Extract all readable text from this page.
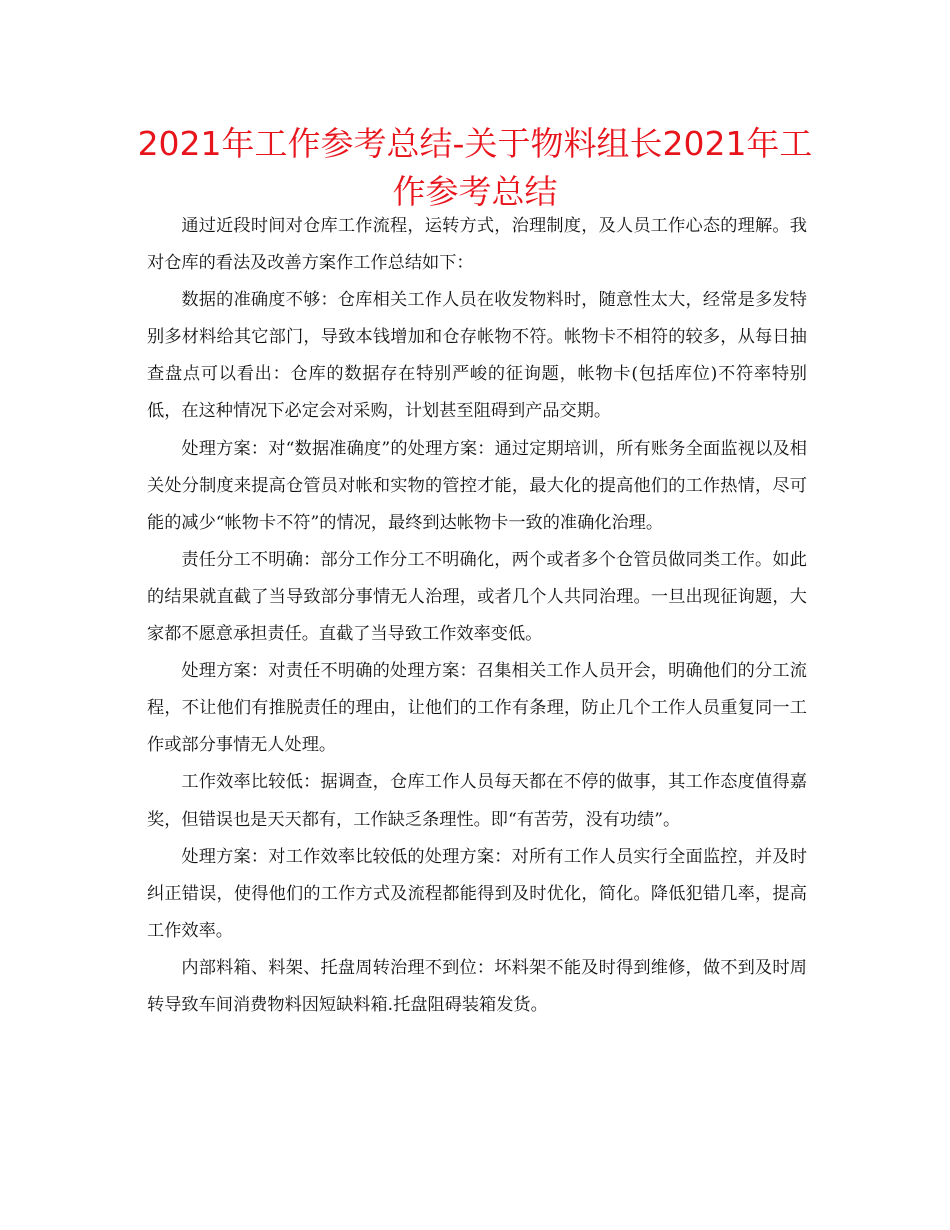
2021年工作参考总结-关于物料组长2021年工作参考总结

通过近段时间对仓库工作流程，运转方式，治理制度，及人员工作心态的理解。我对仓库的看法及改善方案作工作总结如下：

数据的准确度不够：仓库相关工作人员在收发物料时，随意性太大，经常是多发特别多材料给其它部门，导致本钱增加和仓存帐物不符。帐物卡不相符的较多，从每日抽查盘点可以看出：仓库的数据存在特别严峻的征询题，帐物卡(包括库位)不符率特别低，在这种情况下必定会对采购，计划甚至阻碍到产品交期。

处理方案：对“数据准确度”的处理方案：通过定期培训，所有账务全面监视以及相关处分制度来提高仓管员对帐和实物的管控才能，最大化的提高他们的工作热情，尽可能的减少“帐物卡不符”的情况，最终到达帐物卡一致的准确化治理。

责任分工不明确：部分工作分工不明确化，两个或者多个仓管员做同类工作。如此的结果就直截了当导致部分事情无人治理，或者几个人共同治理。一旦出现征询题，大家都不愿意承担责任。直截了当导致工作效率变低。

处理方案：对责任不明确的处理方案：召集相关工作人员开会，明确他们的分工流程，不让他们有推脱责任的理由，让他们的工作有条理，防止几个工作人员重复同一工作或部分事情无人处理。

工作效率比较低：据调查，仓库工作人员每天都在不停的做事，其工作态度值得嘉奖，但错误也是天天都有，工作缺乏条理性。即“有苦劳，没有功绩”。

处理方案：对工作效率比较低的处理方案：对所有工作人员实行全面监控，并及时纠正错误，使得他们的工作方式及流程都能得到及时优化，简化。降低犯错几率，提高工作效率。

内部料箱、料架、托盘周转治理不到位：坏料架不能及时得到维修，做不到及时周转导致车间消费物料因短缺料箱.托盘阻碍装箱发货。
